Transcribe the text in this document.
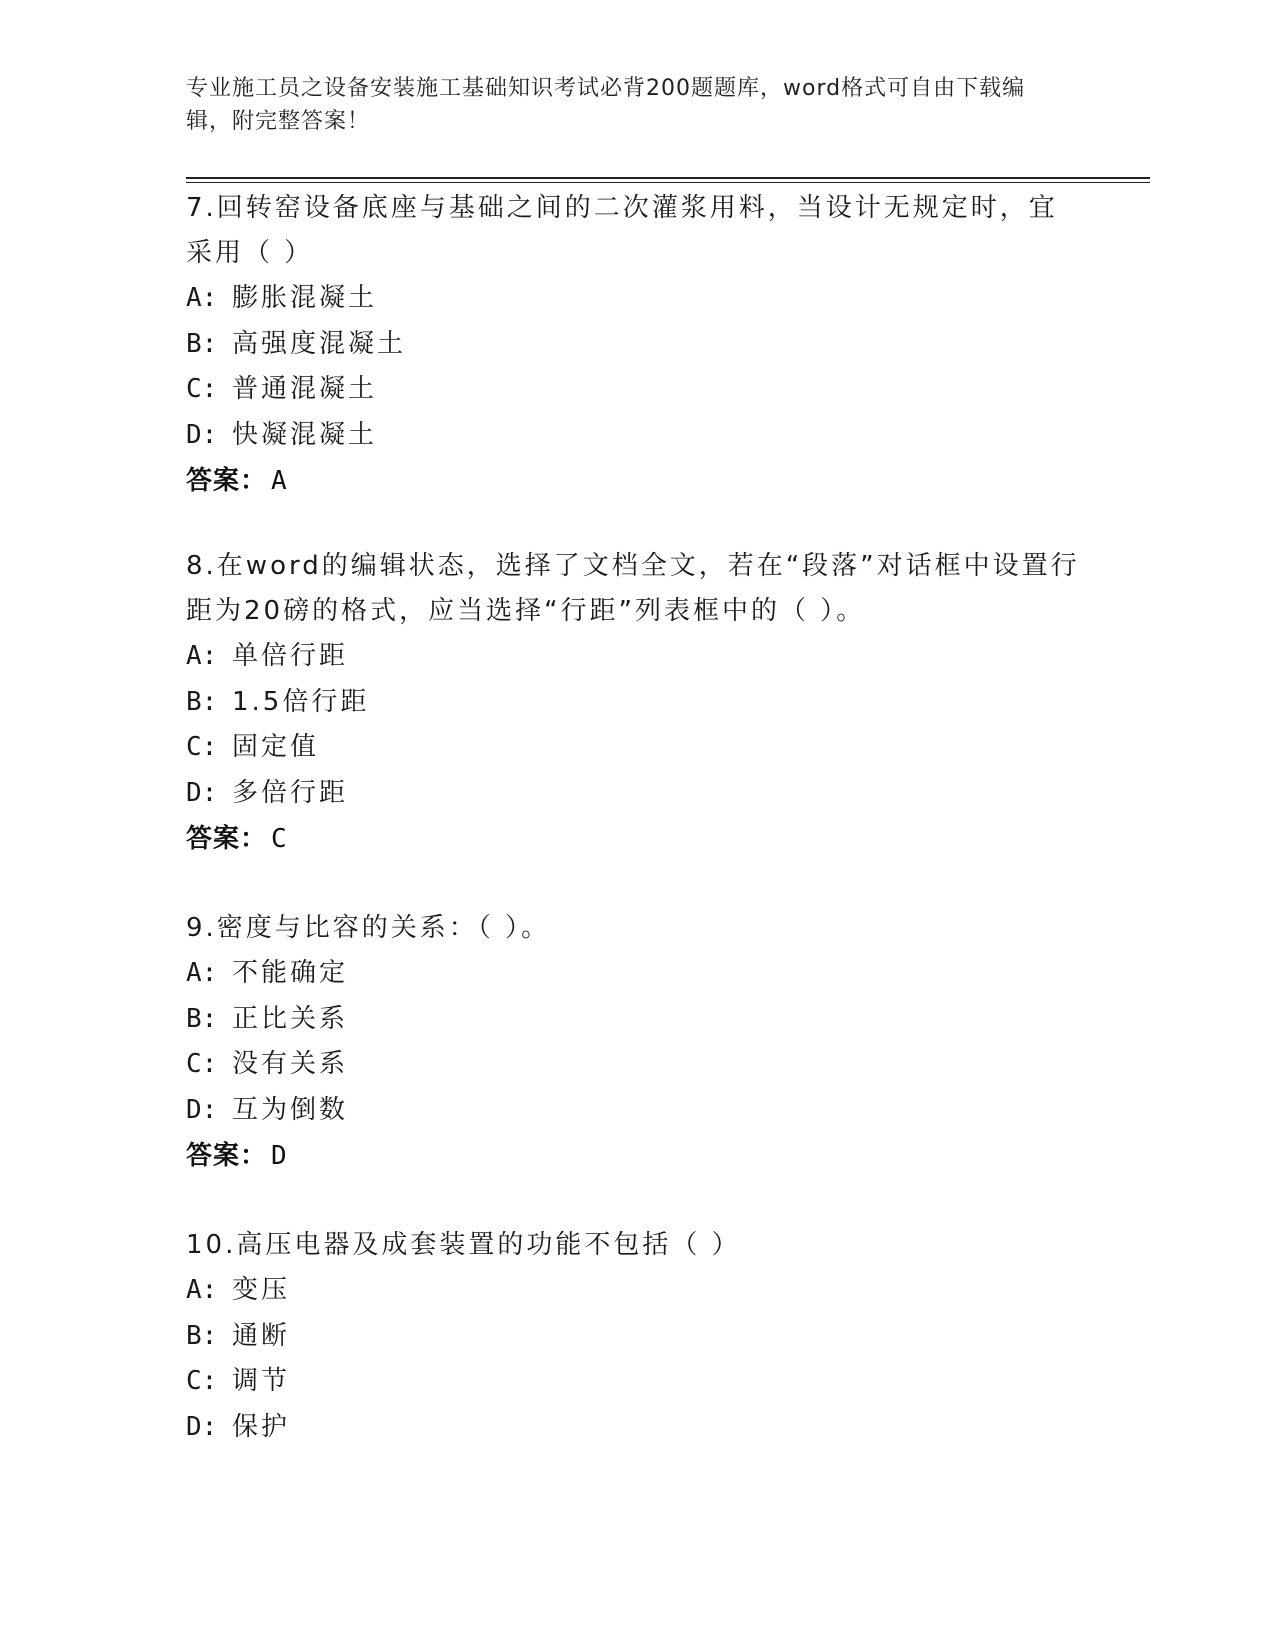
专业施工员之设备安装施工基础知识考试必背200题题库，word格式可自由下载编辑，附完整答案！
7.回转窑设备底座与基础之间的二次灌浆用料，当设计无规定时，宜采用（ ）
A: 膨胀混凝土
B: 高强度混凝土
C: 普通混凝土
D: 快凝混凝土
答案： A
8.在word的编辑状态，选择了文档全文，若在“段落”对话框中设置行距为20磅的格式，应当选择“行距”列表框中的（ ）。
A: 单倍行距
B: 1.5倍行距
C: 固定值
D: 多倍行距
答案： C
9.密度与比容的关系：（ ）。
A: 不能确定
B: 正比关系
C: 没有关系
D: 互为倒数
答案： D
10.高压电器及成套装置的功能不包括（ ）
A: 变压
B: 通断
C: 调节
D: 保护
